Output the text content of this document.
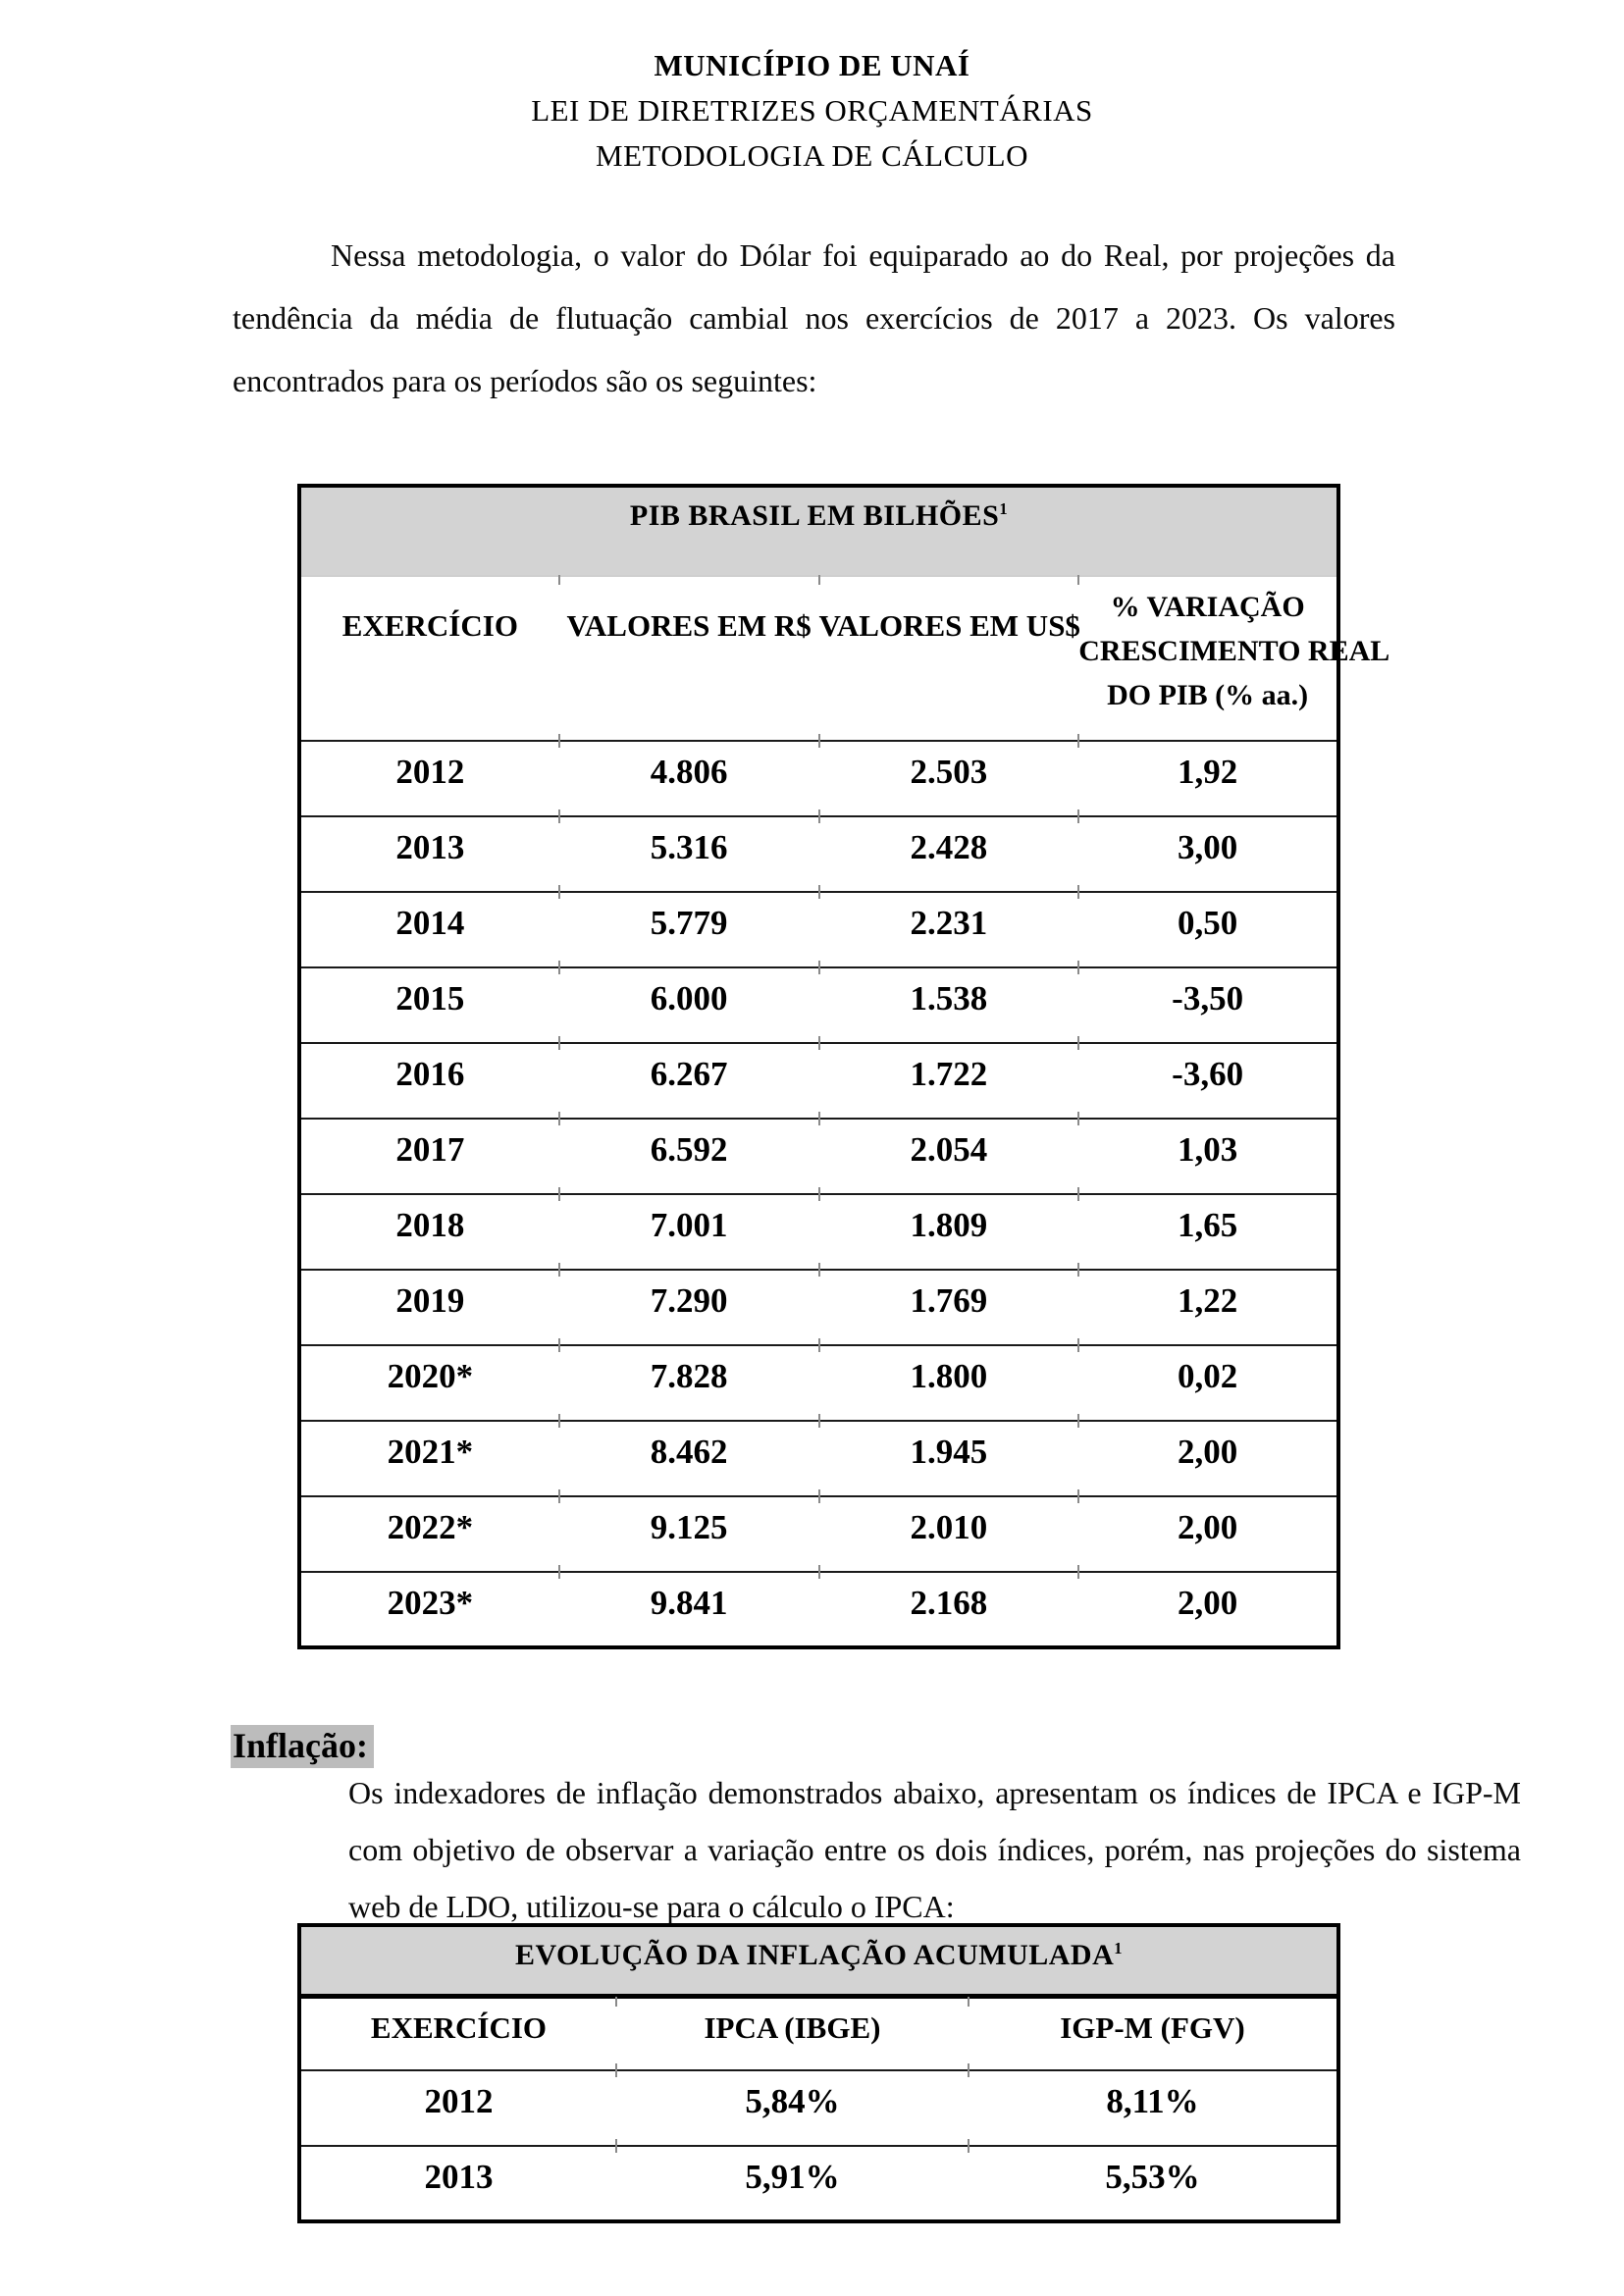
MUNICÍPIO DE UNAÍ
LEI DE DIRETRIZES ORÇAMENTÁRIAS
METODOLOGIA DE CÁLCULO

Nessa metodologia, o valor do Dólar foi equiparado ao do Real, por projeções da tendência da média de flutuação cambial nos exercícios de 2017 a 2023. Os valores encontrados para os períodos são os seguintes:

PIB BRASIL EM BILHÕES$^1$
EXERCÍCIO	VALORES EM R$	VALORES EM US$	% VARIAÇÃO
CRESCIMENTO REAL
DO PIB (% aa.)

2012	4.806	2.503	1,92
2013	5.316	2.428	3,00
2014	5.779	2.231	0,50
2015	6.000	1.538	-3,50
2016	6.267	1.722	-3,60
2017	6.592	2.054	1,03
2018	7.001	1.809	1,65
2019	7.290	1.769	1,22
2020*	7.828	1.800	0,02
2021*	8.462	1.945	2,00
2022*	9.125	2.010	2,00
2023*	9.841	2.168	2,00
Inflação:

Os indexadores de inflação demonstrados abaixo, apresentam os índices de IPCA e IGP-M com objetivo de observar a variação entre os dois índices, porém, nas projeções do sistema web de LDO, utilizou-se para o cálculo o IPCA:

EVOLUÇÃO DA INFLAÇÃO ACUMULADA$^1$
EXERCÍCIO	IPCA (IBGE)	IGP-M (FGV)
2012	5,84%	8,11%
2013	5,91%	5,53%
